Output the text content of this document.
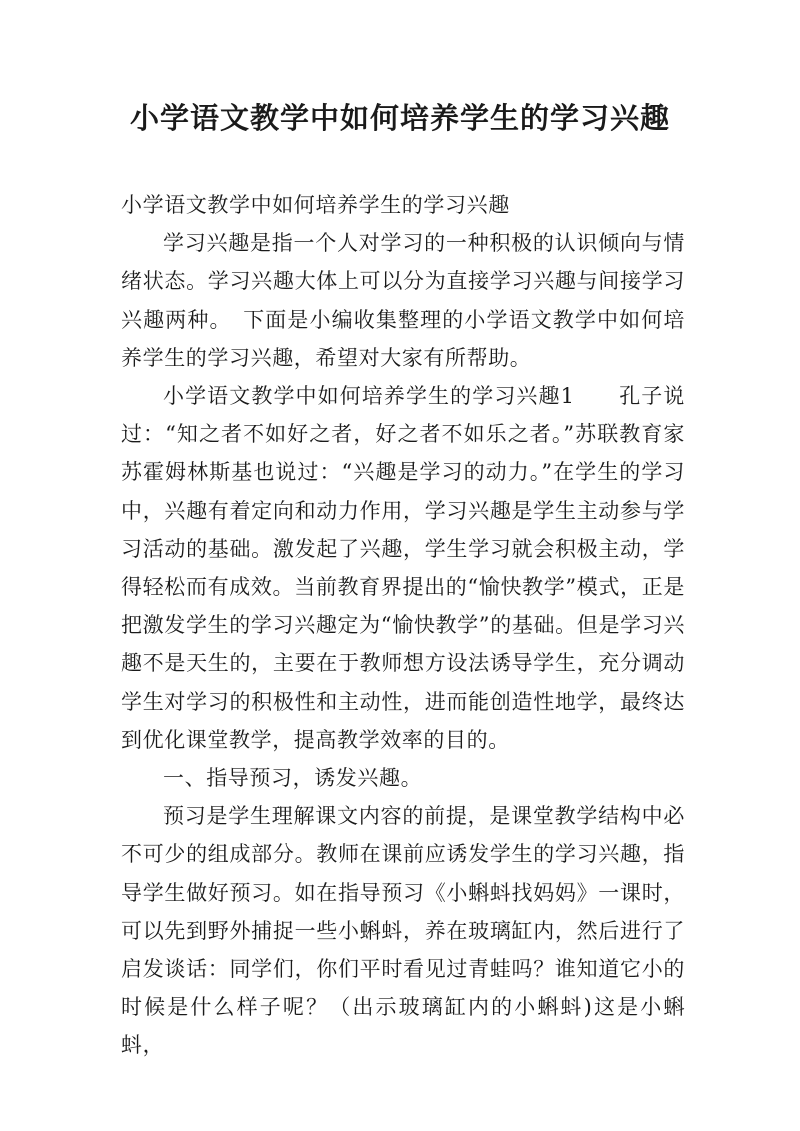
小学语文教学中如何培养学生的学习兴趣

小学语文教学中如何培养学生的学习兴趣

学习兴趣是指一个人对学习的一种积极的认识倾向与情绪状态。学习兴趣大体上可以分为直接学习兴趣与间接学习兴趣两种。　下面是小编收集整理的小学语文教学中如何培养学生的学习兴趣，希望对大家有所帮助。

小学语文教学中如何培养学生的学习兴趣1　　孔子说过：“知之者不如好之者，好之者不如乐之者。”苏联教育家苏霍姆林斯基也说过：“兴趣是学习的动力。”在学生的学习中，兴趣有着定向和动力作用，学习兴趣是学生主动参与学习活动的基础。激发起了兴趣，学生学习就会积极主动，学得轻松而有成效。当前教育界提出的“愉快教学”模式，正是把激发学生的学习兴趣定为“愉快教学”的基础。但是学习兴趣不是天生的，主要在于教师想方设法诱导学生，充分调动学生对学习的积极性和主动性，进而能创造性地学，最终达到优化课堂教学，提高教学效率的目的。

一、指导预习，诱发兴趣。

预习是学生理解课文内容的前提，是课堂教学结构中必不可少的组成部分。教师在课前应诱发学生的学习兴趣，指导学生做好预习。如在指导预习《小蝌蚪找妈妈》一课时，可以先到野外捕捉一些小蝌蚪，养在玻璃缸内，然后进行了启发谈话：同学们，你们平时看见过青蛙吗？谁知道它小的时候是什么样子呢？（出示玻璃缸内的小蝌蚪)这是小蝌蚪，
